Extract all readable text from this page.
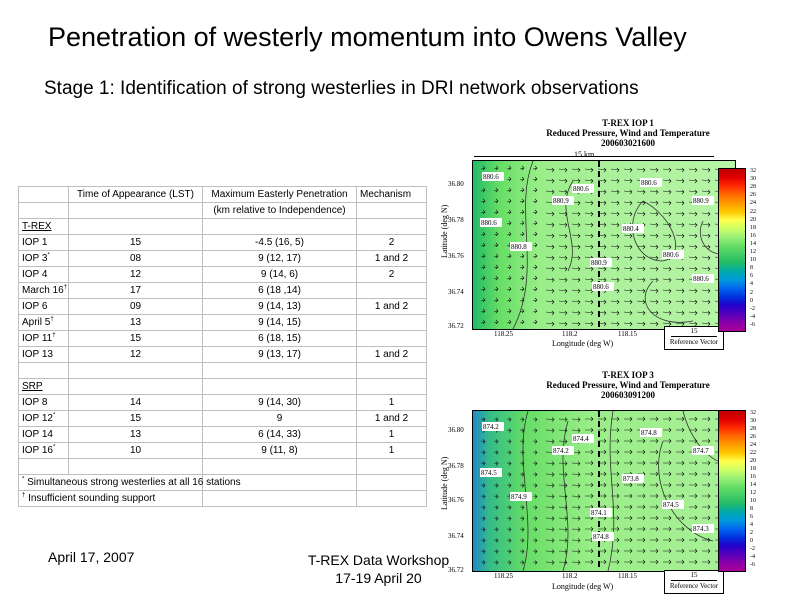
Penetration of westerly momentum into Owens Valley
Stage 1: Identification of strong westerlies in DRI network observations
	Time of Appearance (LST)	Maximum Easterly Penetration	Mechanism
		(km relative to Independence)	
T-REX			
IOP 1	15	-4.5 (16, 5)	2
IOP 3*	08	9 (12, 17)	1 and 2
IOP 4	12	9 (14, 6)	2
March 16†	17	6 (18 ,14)	
IOP 6	09	9 (14, 13)	1 and 2
April 5†	13	9 (14, 15)	
IOP 11†	15	6 (18, 15)	
IOP 13	12	9 (13, 17)	1 and 2

SRP			
IOP 8	14	9 (14, 30)	1
IOP 12*	15	9	1 and 2
IOP 14	13	6 (14, 33)	1
IOP 16*	10	9 (11, 8)	1

* Simultaneous strong westerlies at all 16 stations			
† Insufficient sounding support			
T-REX IOP 1
Reduced Pressure, Wind and Temperature
200603021600
15 km
Latitude (deg N)
36.80
36.78
36.76
36.74
36.72
880.6
880.6
880.6
880.9	880.9
880.6
880.4
880.8
880.9
880.6
880.6
880.6
118.25	118.2	118.15
Longitude (deg W)
15
Reference Vector
32
30
28
26
24
22
20
18
16
14
12
10
8
6
4
2
0
-2
-4
-6
T-REX IOP 3
Reduced Pressure, Wind and Temperature
200603091200
Latitude (deg N)
36.80
36.78
36.76
36.74
36.72
874.2
874.4
874.8
874.2	874.7
874.5
873.8
874.9
874.1
874.5
874.3
874.8
118.25	118.2	118.15
Longitude (deg W)
15
Reference Vector
32
30
28
26
24
22
20
18
16
14
12
10
8
6
4
2
0
-2
-4
-6
April 17, 2007	T-REX Data Workshop
17-19 April 20
